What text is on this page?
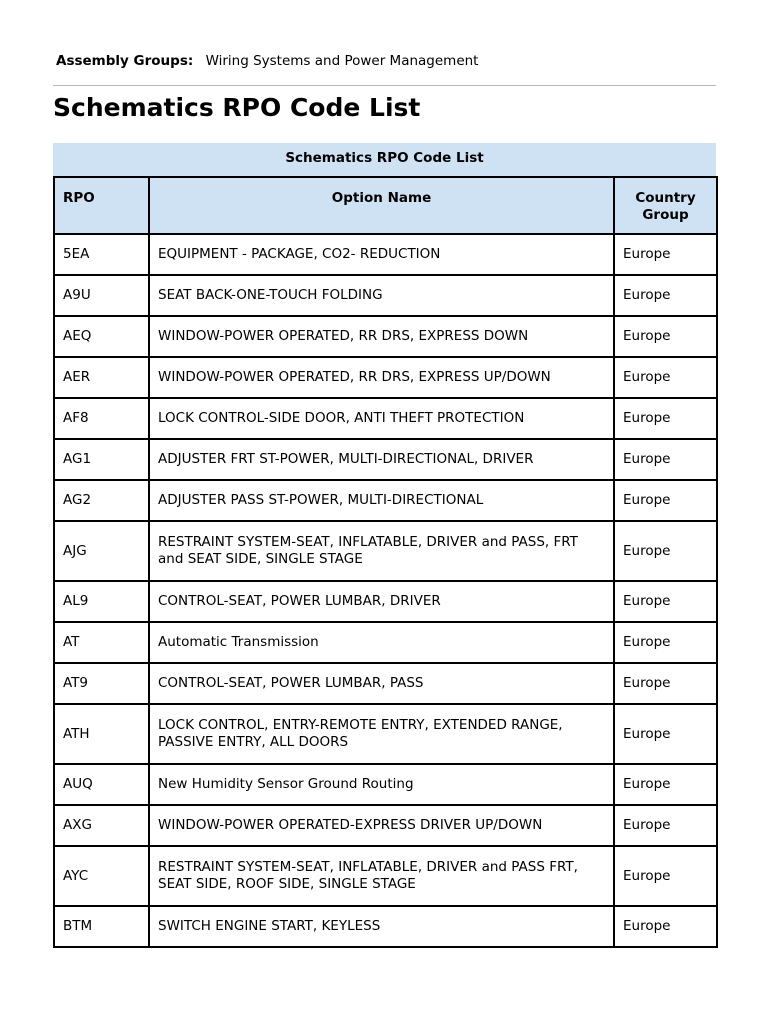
Assembly Groups: Wiring Systems and Power Management
Schematics RPO Code List
Schematics RPO Code List
RPO	Option Name	Country Group
5EA	EQUIPMENT - PACKAGE, CO2- REDUCTION	Europe
A9U	SEAT BACK-ONE-TOUCH FOLDING	Europe
AEQ	WINDOW-POWER OPERATED, RR DRS, EXPRESS DOWN	Europe
AER	WINDOW-POWER OPERATED, RR DRS, EXPRESS UP/DOWN	Europe
AF8	LOCK CONTROL-SIDE DOOR, ANTI THEFT PROTECTION	Europe
AG1	ADJUSTER FRT ST-POWER, MULTI-DIRECTIONAL, DRIVER	Europe
AG2	ADJUSTER PASS ST-POWER, MULTI-DIRECTIONAL	Europe
AJG	RESTRAINT SYSTEM-SEAT, INFLATABLE, DRIVER and PASS, FRT and SEAT SIDE, SINGLE STAGE	Europe
AL9	CONTROL-SEAT, POWER LUMBAR, DRIVER	Europe
AT	Automatic Transmission	Europe
AT9	CONTROL-SEAT, POWER LUMBAR, PASS	Europe
ATH	LOCK CONTROL, ENTRY-REMOTE ENTRY, EXTENDED RANGE, PASSIVE ENTRY, ALL DOORS	Europe
AUQ	New Humidity Sensor Ground Routing	Europe
AXG	WINDOW-POWER OPERATED-EXPRESS DRIVER UP/DOWN	Europe
AYC	RESTRAINT SYSTEM-SEAT, INFLATABLE, DRIVER and PASS FRT, SEAT SIDE, ROOF SIDE, SINGLE STAGE	Europe
BTM	SWITCH ENGINE START, KEYLESS	Europe
